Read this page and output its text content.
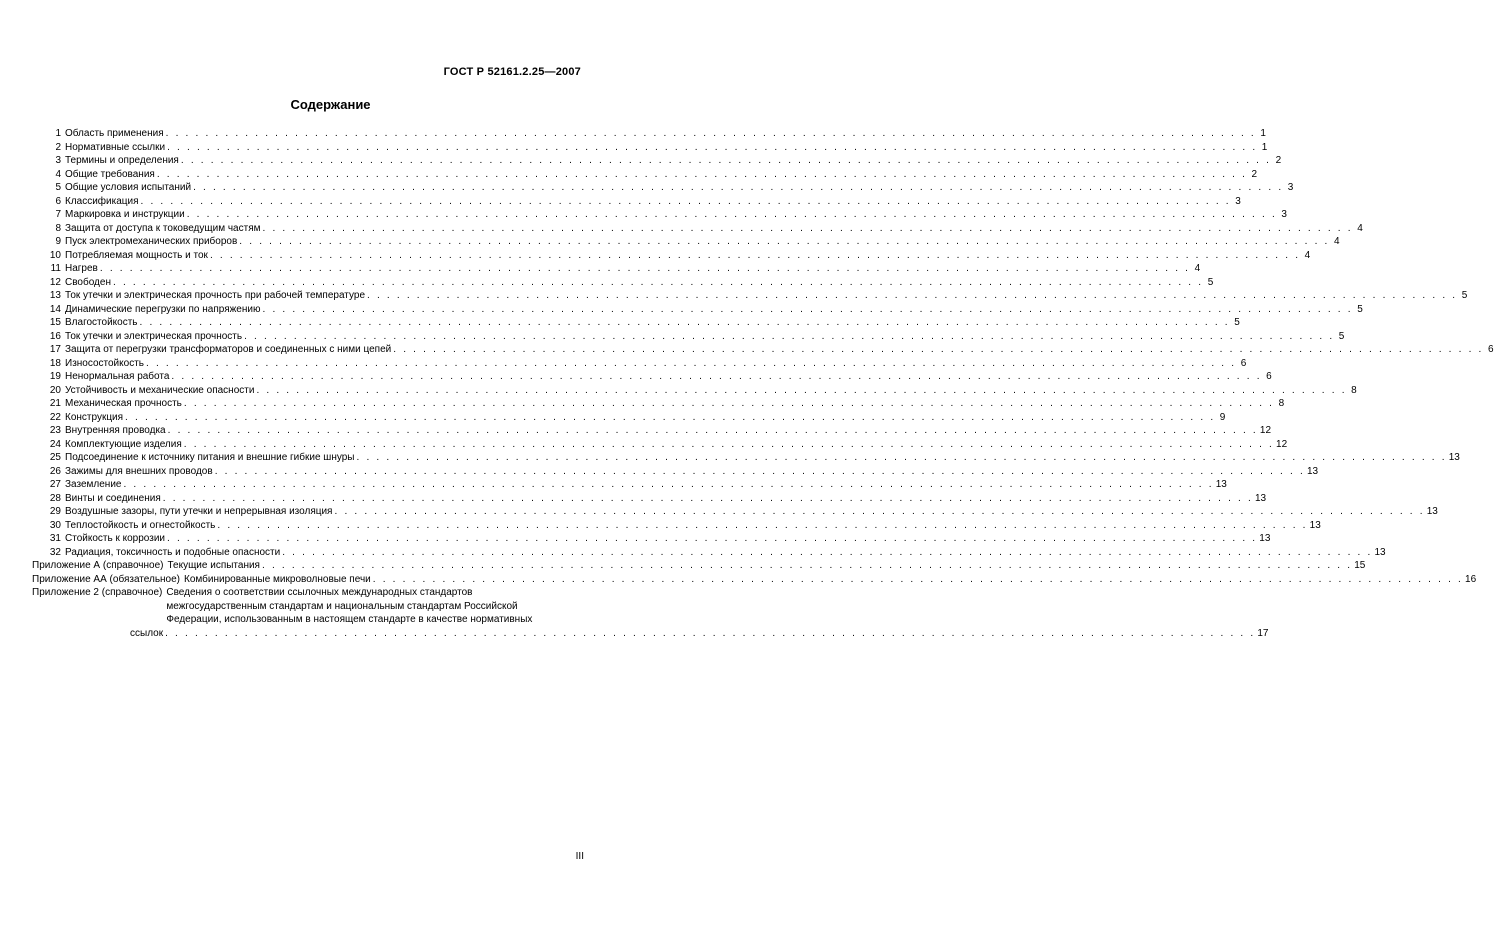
ГОСТ Р 52161.2.25—2007
Содержание
1 Область применения . . .	1
2 Нормативные ссылки . . .	1
3 Термины и определения . . .	2
4 Общие требования . . .	2
5 Общие условия испытаний . . .	3
6 Классификация . . .	3
7 Маркировка и инструкции . . .	3
8 Защита от доступа к токоведущим частям . . .	4
9 Пуск электромеханических приборов . . .	4
10 Потребляемая мощность и ток . . .	4
11 Нагрев . . .	4
12 Свободен . . .	5
13 Ток утечки и электрическая прочность при рабочей температуре . . .	5
14 Динамические перегрузки по напряжению . . .	5
15 Влагостойкость . . .	5
16 Ток утечки и электрическая прочность . . .	5
17 Защита от перегрузки трансформаторов и соединенных с ними цепей . . .	6
18 Износостойкость . . .	6
19 Ненормальная работа . . .	6
20 Устойчивость и механические опасности . . .	8
21 Механическая прочность . . .	8
22 Конструкция . . .	9
23 Внутренняя проводка . . .	12
24 Комплектующие изделия . . .	12
25 Подсоединение к источнику питания и внешние гибкие шнуры . . .	13
26 Зажимы для внешних проводов . . .	13
27 Заземление . . .	13
28 Винты и соединения . . .	13
29 Воздушные зазоры, пути утечки и непрерывная изоляция . . .	13
30 Теплостойкость и огнестойкость . . .	13
31 Стойкость к коррозии . . .	13
32 Радиация, токсичность и подобные опасности . . .	13
Приложение А (справочное) Текущие испытания . . .	15
Приложение АА (обязательное) Комбинированные микроволновые печи . . .	16
Приложение 2 (справочное) Сведения о соответствии ссылочных международных стандартов
межгосударственным стандартам и национальным стандартам Российской
Федерации, использованным в настоящем стандарте в качестве нормативных
ссылок . . .	17
III
